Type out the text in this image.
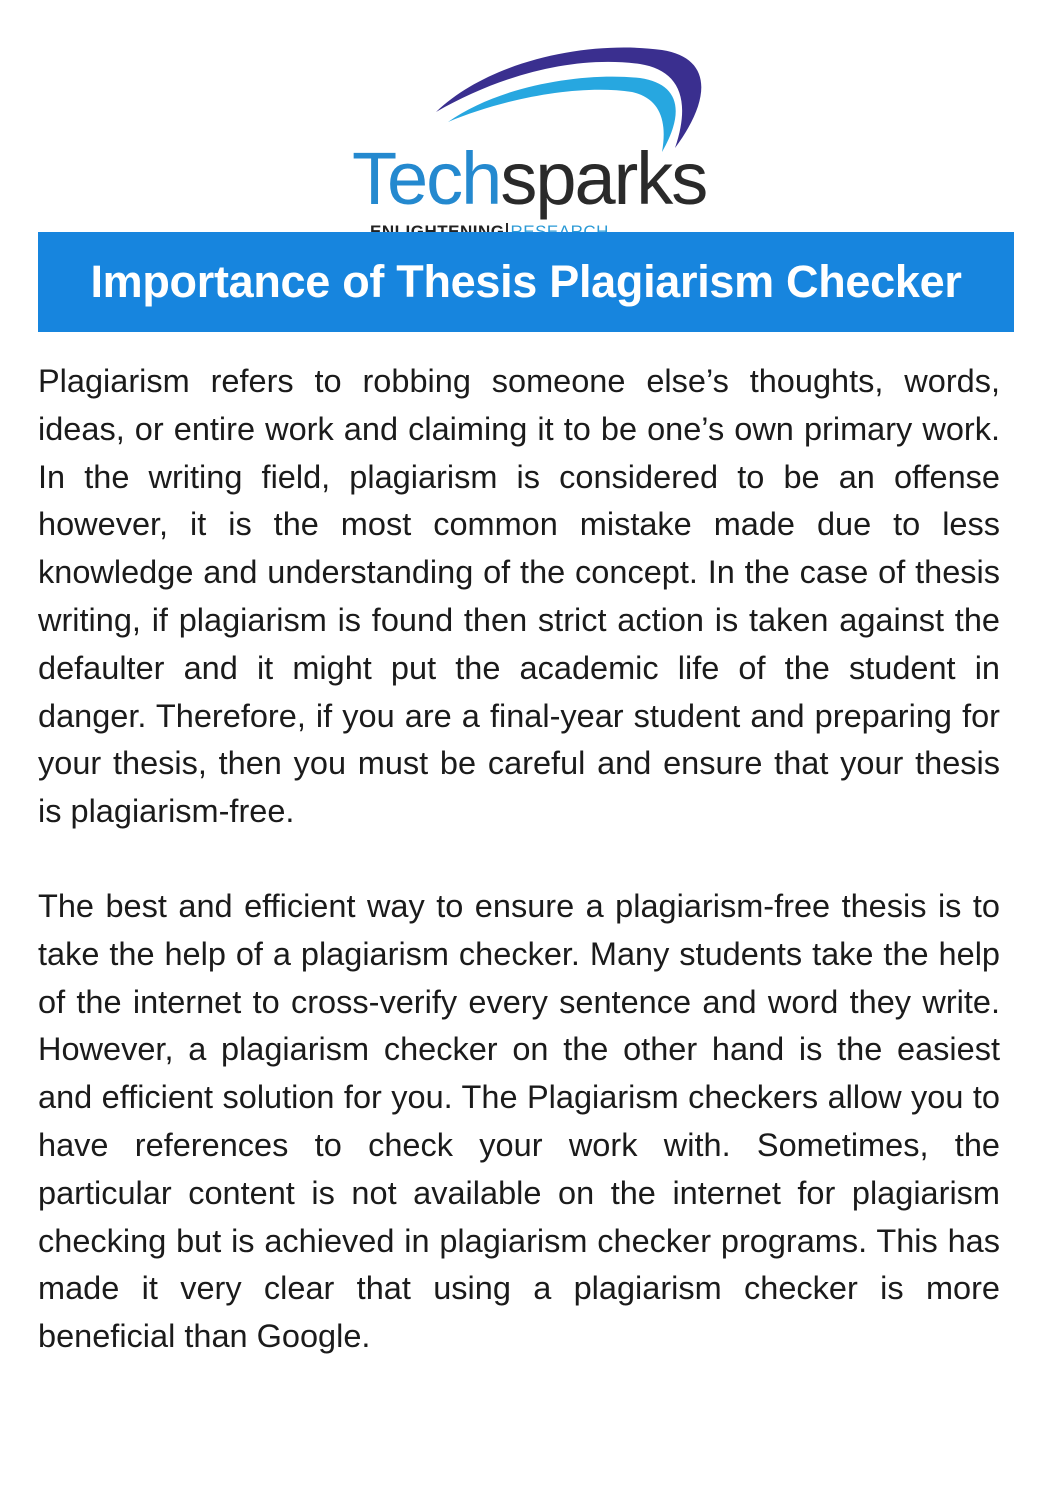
Techsparks
Importance of Thesis Plagiarism Checker

Plagiarism refers to robbing someone else’s thoughts, words, ideas, or entire work and claiming it to be one’s own primary work. In the writing field, plagiarism is considered to be an offense however, it is the most common mistake made due to less knowledge and understanding of the concept. In the case of thesis writing, if plagiarism is found then strict action is taken against the defaulter and it might put the academic life of the student in danger. Therefore, if you are a final-year student and preparing for your thesis, then you must be careful and ensure that your thesis is plagiarism-free.

The best and efficient way to ensure a plagiarism-free thesis is to take the help of a plagiarism checker. Many students take the help of the internet to cross-verify every sentence and word they write. However, a plagiarism checker on the other hand is the easiest and efficient solution for you. The Plagiarism checkers allow you to have references to check your work with. Sometimes, the particular content is not available on the internet for plagiarism checking but is achieved in plagiarism checker programs. This has made it very clear that using a plagiarism checker is more beneficial than Google.
